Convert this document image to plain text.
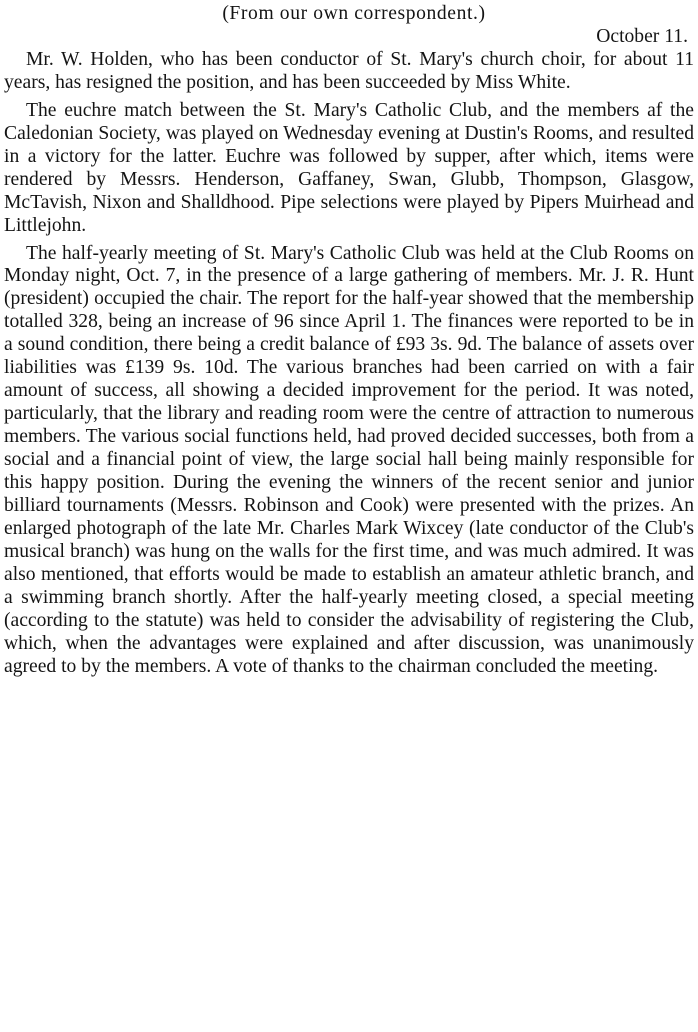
(From our own correspondent.)

October 11.

Mr. W. Holden, who has been conductor of St. Mary's church choir, for about 11 years, has resigned the position, and has been succeeded by Miss White.

The euchre match between the St. Mary's Catholic Club, and the members af the Caledonian Society, was played on Wednesday evening at Dustin's Rooms, and resulted in a victory for the latter. Euchre was followed by supper, after which, items were rendered by Messrs. Henderson, Gaffaney, Swan, Glubb, Thompson, Glasgow, McTavish, Nixon and Shalldhood. Pipe selections were played by Pipers Muirhead and Littlejohn.

The half-yearly meeting of St. Mary's Catholic Club was held at the Club Rooms on Monday night, Oct. 7, in the presence of a large gathering of members. Mr. J. R. Hunt (president) occupied the chair. The report for the half-year showed that the membership totalled 328, being an increase of 96 since April 1. The finances were reported to be in a sound condition, there being a credit balance of £93 3s. 9d. The balance of assets over liabilities was £139 9s. 10d. The various branches had been carried on with a fair amount of success, all showing a decided improvement for the period. It was noted, particularly, that the library and reading room were the centre of attraction to numerous members. The various social functions held, had proved decided successes, both from a social and a financial point of view, the large social hall being mainly responsible for this happy position. During the evening the winners of the recent senior and junior billiard tournaments (Messrs. Robinson and Cook) were presented with the prizes. An enlarged photograph of the late Mr. Charles Mark Wixcey (late conductor of the Club's musical branch) was hung on the walls for the first time, and was much admired. It was also mentioned, that efforts would be made to establish an amateur athletic branch, and a swimming branch shortly. After the half-yearly meeting closed, a special meeting (according to the statute) was held to consider the advisability of registering the Club, which, when the advantages were explained and after discussion, was unanimously agreed to by the members. A vote of thanks to the chairman concluded the meeting.
